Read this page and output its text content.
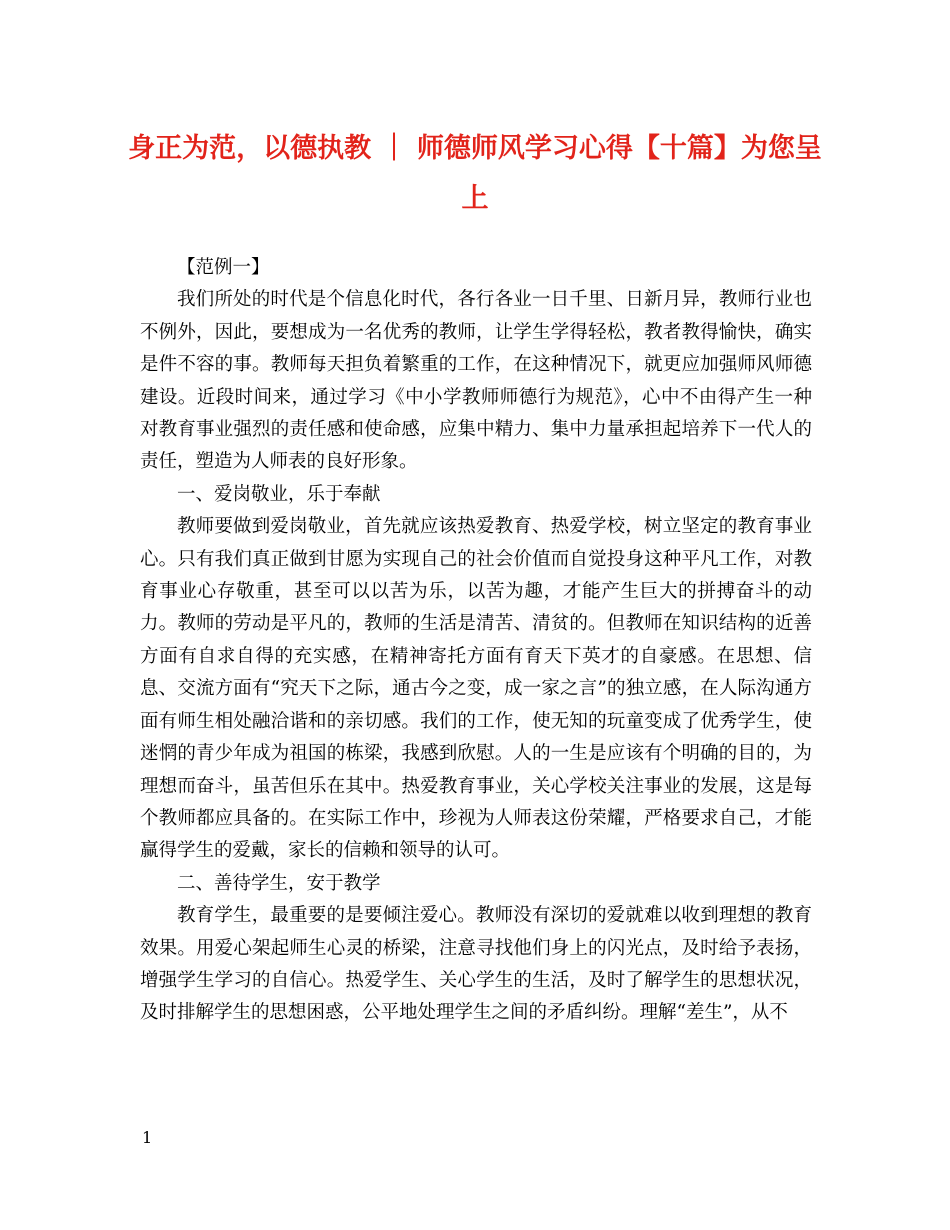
身正为范，以德执教 ｜ 师德师风学习心得【十篇】为您呈上

【范例一】

我们所处的时代是个信息化时代，各行各业一日千里、日新月异，教师行业也不例外，因此，要想成为一名优秀的教师，让学生学得轻松，教者教得愉快，确实是件不容的事。教师每天担负着繁重的工作，在这种情况下，就更应加强师风师德建设。近段时间来，通过学习《中小学教师师德行为规范》，心中不由得产生一种对教育事业强烈的责任感和使命感，应集中精力、集中力量承担起培养下一代人的责任，塑造为人师表的良好形象。

一、爱岗敬业，乐于奉献

教师要做到爱岗敬业，首先就应该热爱教育、热爱学校，树立坚定的教育事业心。只有我们真正做到甘愿为实现自己的社会价值而自觉投身这种平凡工作，对教育事业心存敬重，甚至可以以苦为乐，以苦为趣，才能产生巨大的拼搏奋斗的动力。教师的劳动是平凡的，教师的生活是清苦、清贫的。但教师在知识结构的近善方面有自求自得的充实感，在精神寄托方面有育天下英才的自豪感。在思想、信息、交流方面有“究天下之际，通古今之变，成一家之言”的独立感，在人际沟通方面有师生相处融洽谐和的亲切感。我们的工作，使无知的玩童变成了优秀学生，使迷惘的青少年成为祖国的栋梁，我感到欣慰。人的一生是应该有个明确的目的，为理想而奋斗，虽苦但乐在其中。热爱教育事业，关心学校关注事业的发展，这是每个教师都应具备的。在实际工作中，珍视为人师表这份荣耀，严格要求自己，才能赢得学生的爱戴，家长的信赖和领导的认可。

二、善待学生，安于教学

教育学生，最重要的是要倾注爱心。教师没有深切的爱就难以收到理想的教育效果。用爱心架起师生心灵的桥梁，注意寻找他们身上的闪光点，及时给予表扬，增强学生学习的自信心。热爱学生、关心学生的生活，及时了解学生的思想状况，及时排解学生的思想困惑，公平地处理学生之间的矛盾纠纷。理解“差生”，从不

1
